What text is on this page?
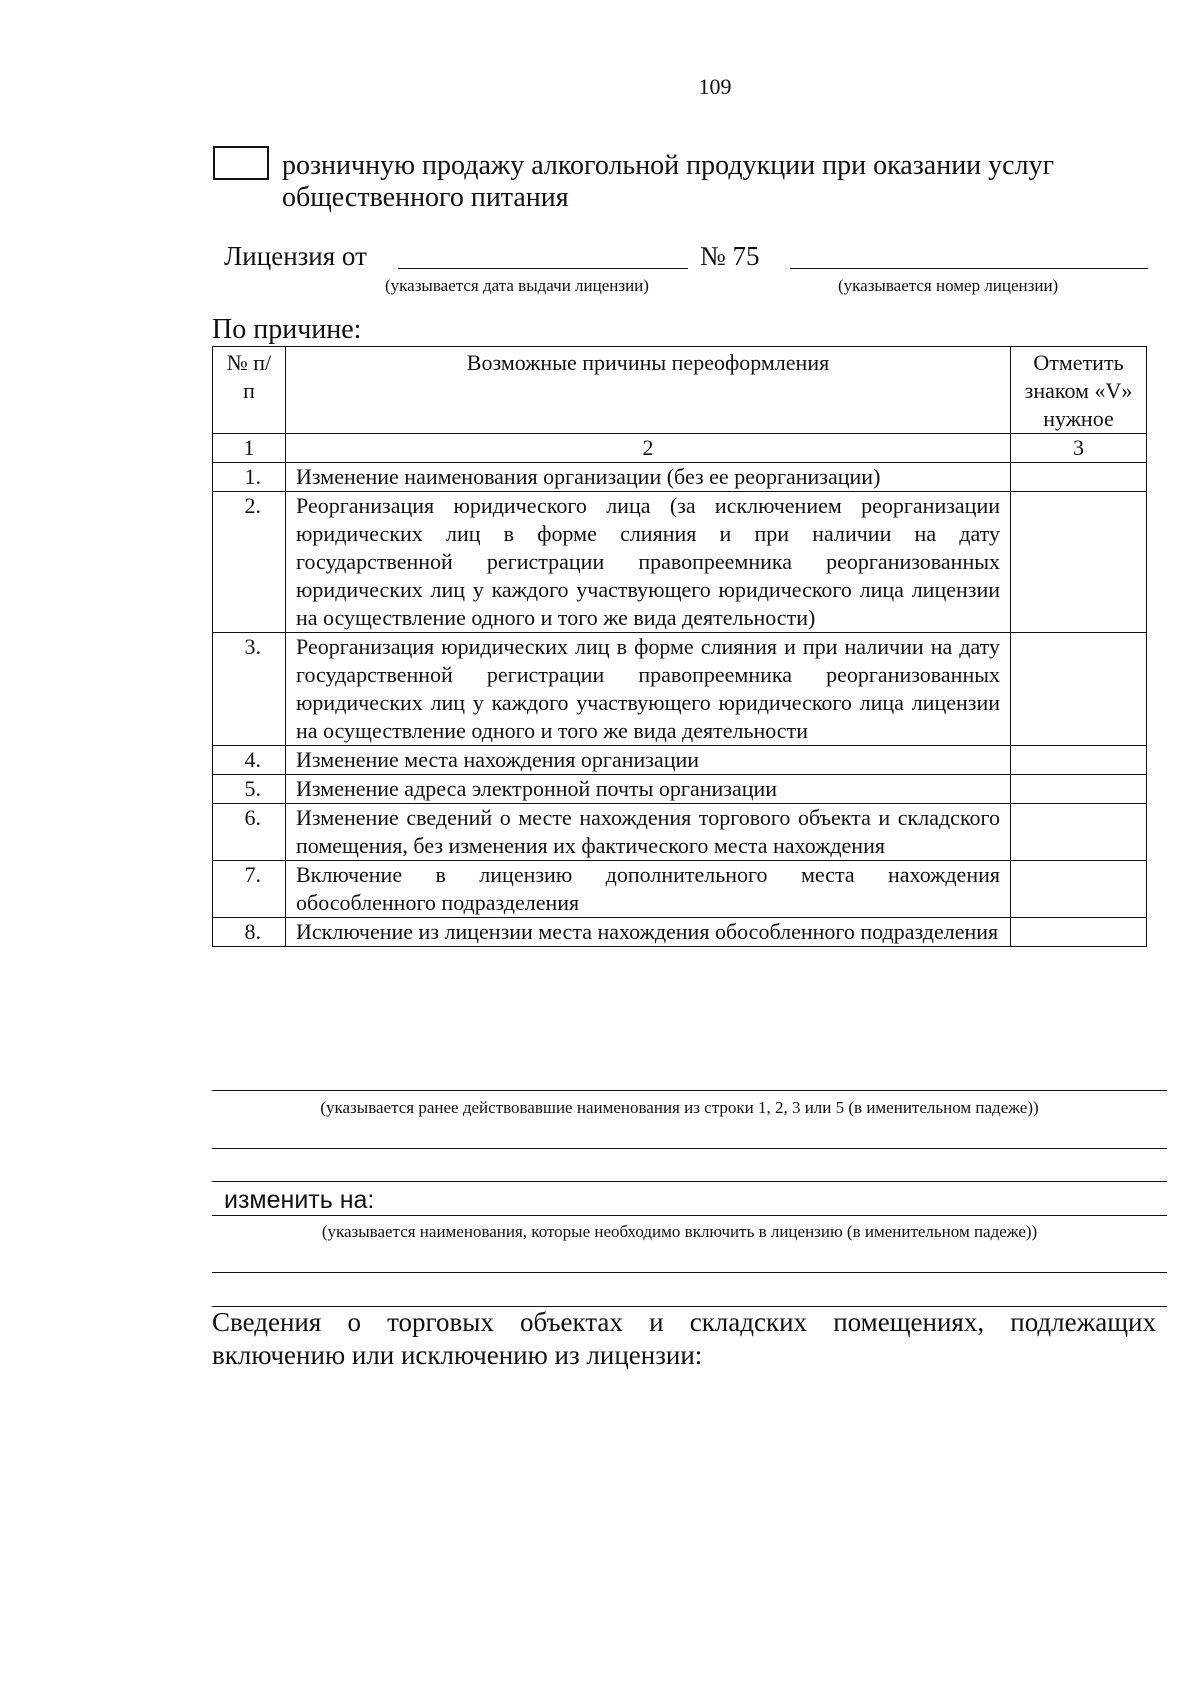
109
розничную продажу алкогольной продукции при оказании услуг общественного питания
Лицензия от	№ 75
(указывается дата выдачи лицензии)	(указывается номер лицензии)
По причине:
№ п/п	Возможные причины переоформления	Отметить знаком «V» нужное
1	2	3
1.	Изменение наименования организации (без ее реорганизации)	
2.	Реорганизация юридического лица (за исключением реорганизации юридических лиц в форме слияния и при наличии на дату государственной регистрации правопреемника реорганизованных юридических лиц у каждого участвующего юридического лица лицензии на осуществление одного и того же вида деятельности)	
3.	Реорганизация юридических лиц в форме слияния и при наличии на дату государственной регистрации правопреемника реорганизованных юридических лиц у каждого участвующего юридического лица лицензии на осуществление одного и того же вида деятельности	
4.	Изменение места нахождения организации	
5.	Изменение адреса электронной почты организации	
6.	Изменение сведений о месте нахождения торгового объекта и складского помещения, без изменения их фактического места нахождения	
7.	Включение в лицензию дополнительного места нахождения обособленного подразделения	
8.	Исключение из лицензии места нахождения обособленного подразделения	
(указывается ранее действовавшие наименования из строки 1, 2, 3 или 5 (в именительном падеже))
изменить на:
(указывается наименования, которые необходимо включить в лицензию (в именительном падеже))
Сведения о торговых объектах и складских помещениях, подлежащих включению или исключению из лицензии:
